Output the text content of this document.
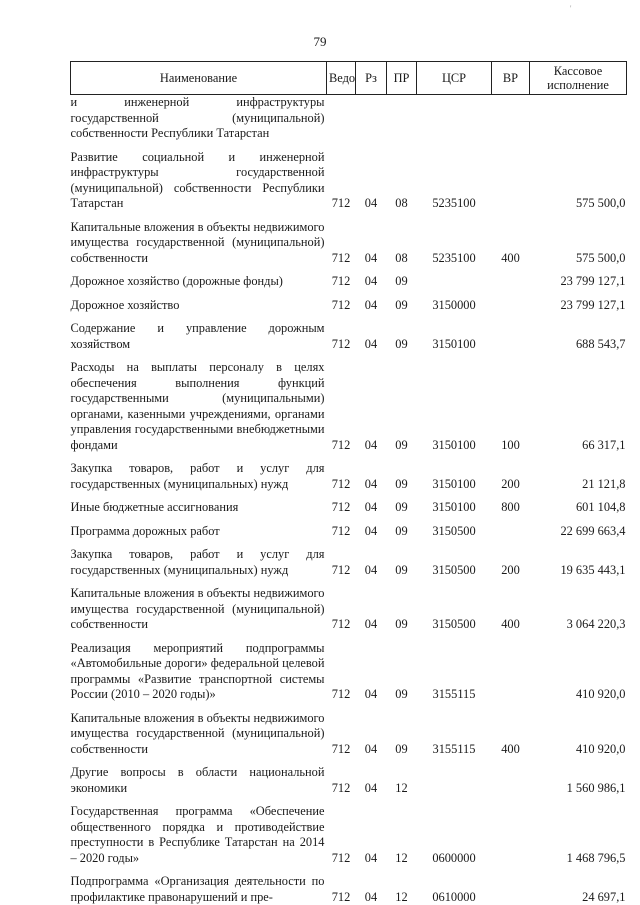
'
79
Наименование	Ведо	Рз	ПР	ЦСР	ВР	Кассовое исполнение
и инженерной инфраструктуры государственной (муниципальной) собственности Республики Татарстан						
Развитие социальной и инженерной инфраструктуры государственной (муниципальной) собственности Республики Татарстан	712	04	08	5235100		575 500,0
Капитальные вложения в объекты недвижимого имущества государственной (муниципальной) собственности	712	04	08	5235100	400	575 500,0
Дорожное хозяйство (дорожные фонды)	712	04	09			23 799 127,1
Дорожное хозяйство	712	04	09	3150000		23 799 127,1
Содержание и управление дорожным хозяйством	712	04	09	3150100		688 543,7
Расходы на выплаты персоналу в целях обеспечения выполнения функций государственными (муниципальными) органами, казенными учреждениями, органами управления государственными внебюджетными фондами	712	04	09	3150100	100	66 317,1
Закупка товаров, работ и услуг для государственных (муниципальных) нужд	712	04	09	3150100	200	21 121,8
Иные бюджетные ассигнования	712	04	09	3150100	800	601 104,8
Программа дорожных работ	712	04	09	3150500		22 699 663,4
Закупка товаров, работ и услуг для государственных (муниципальных) нужд	712	04	09	3150500	200	19 635 443,1
Капитальные вложения в объекты недвижимого имущества государственной (муниципальной) собственности	712	04	09	3150500	400	3 064 220,3
Реализация мероприятий подпрограммы «Автомобильные дороги» федеральной целевой программы «Развитие транспортной системы России (2010 – 2020 годы)»	712	04	09	3155115		410 920,0
Капитальные вложения в объекты недвижимого имущества государственной (муниципальной) собственности	712	04	09	3155115	400	410 920,0
Другие вопросы в области национальной экономики	712	04	12			1 560 986,1
Государственная программа «Обеспечение общественного порядка и противодействие преступности в Республике Татарстан на 2014 – 2020 годы»	712	04	12	0600000		1 468 796,5
Подпрограмма «Организация деятельности по профилактике правонарушений и пре-	712	04	12	0610000		24 697,1
